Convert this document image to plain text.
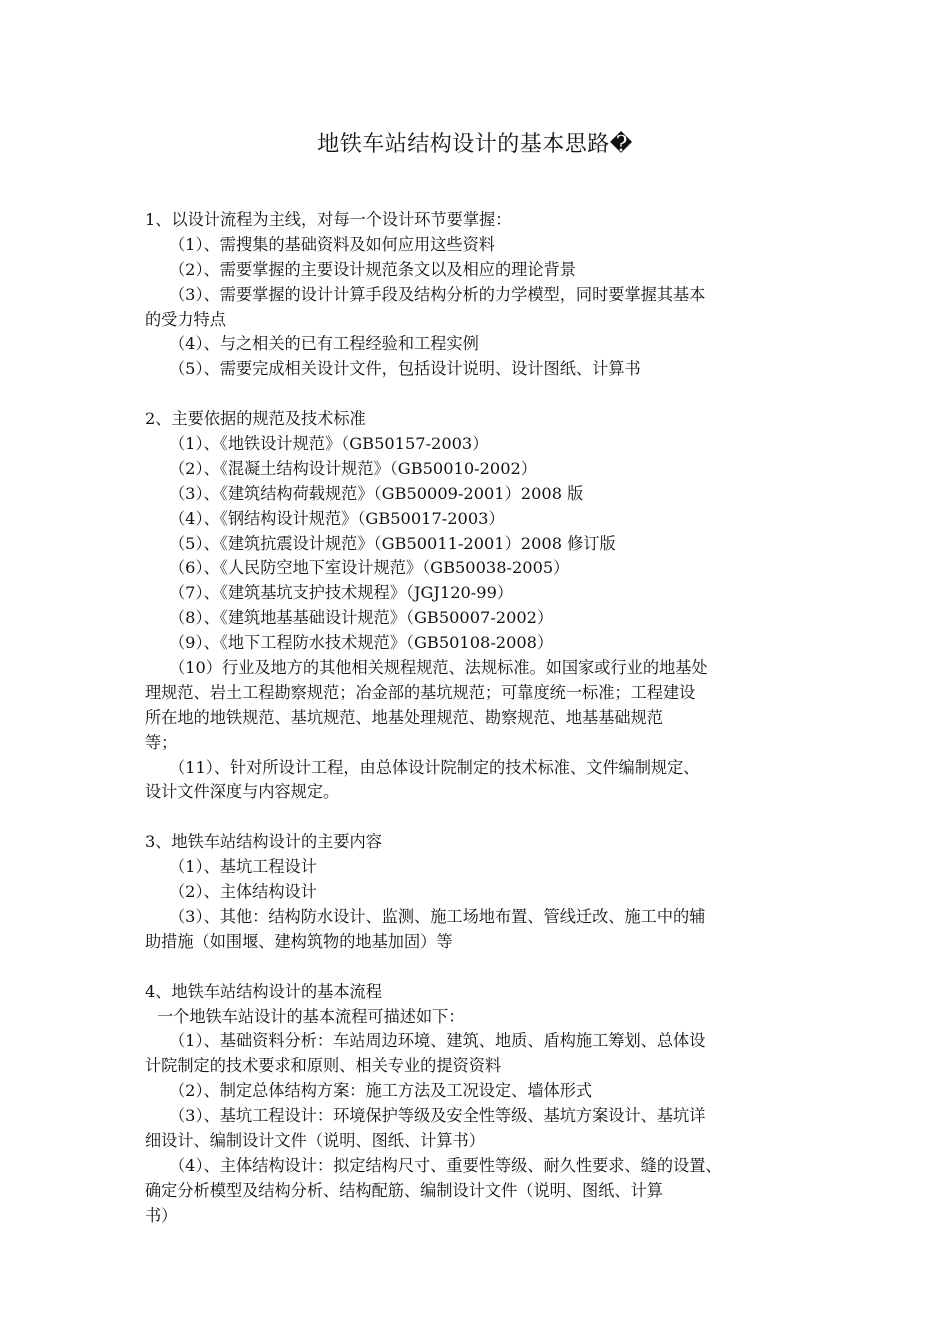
地铁车站结构设计的基本思路�
1、以设计流程为主线，对每一个设计环节要掌握：
（1）、需搜集的基础资料及如何应用这些资料
（2）、需要掌握的主要设计规范条文以及相应的理论背景
（3）、需要掌握的设计计算手段及结构分析的力学模型，同时要掌握其基本
的受力特点
（4）、与之相关的已有工程经验和工程实例
（5）、需要完成相关设计文件，包括设计说明、设计图纸、计算书
2、主要依据的规范及技术标准
（1）、《地铁设计规范》（GB50157-2003）
（2）、《混凝土结构设计规范》（GB50010-2002）
（3）、《建筑结构荷载规范》（GB50009-2001）2008 版
（4）、《钢结构设计规范》（GB50017-2003）
（5）、《建筑抗震设计规范》（GB50011-2001）2008 修订版
（6）、《人民防空地下室设计规范》（GB50038-2005）
（7）、《建筑基坑支护技术规程》（JGJ120-99）
（8）、《建筑地基基础设计规范》（GB50007-2002）
（9）、《地下工程防水技术规范》（GB50108-2008）
（10）行业及地方的其他相关规程规范、法规标准。如国家或行业的地基处
理规范、岩土工程勘察规范；冶金部的基坑规范；可靠度统一标准；工程建设
所在地的地铁规范、基坑规范、地基处理规范、勘察规范、地基基础规范
等；
（11）、针对所设计工程，由总体设计院制定的技术标准、文件编制规定、
设计文件深度与内容规定。
3、地铁车站结构设计的主要内容
（1）、基坑工程设计
（2）、主体结构设计
（3）、其他：结构防水设计、监测、施工场地布置、管线迁改、施工中的辅
助措施（如围堰、建构筑物的地基加固）等
4、地铁车站结构设计的基本流程
一个地铁车站设计的基本流程可描述如下：
（1）、基础资料分析：车站周边环境、建筑、地质、盾构施工筹划、总体设
计院制定的技术要求和原则、相关专业的提资资料
（2）、制定总体结构方案：施工方法及工况设定、墙体形式
（3）、基坑工程设计：环境保护等级及安全性等级、基坑方案设计、基坑详
细设计、编制设计文件（说明、图纸、计算书）
（4）、主体结构设计：拟定结构尺寸、重要性等级、耐久性要求、缝的设置、
确定分析模型及结构分析、结构配筋、编制设计文件（说明、图纸、计算
书）
